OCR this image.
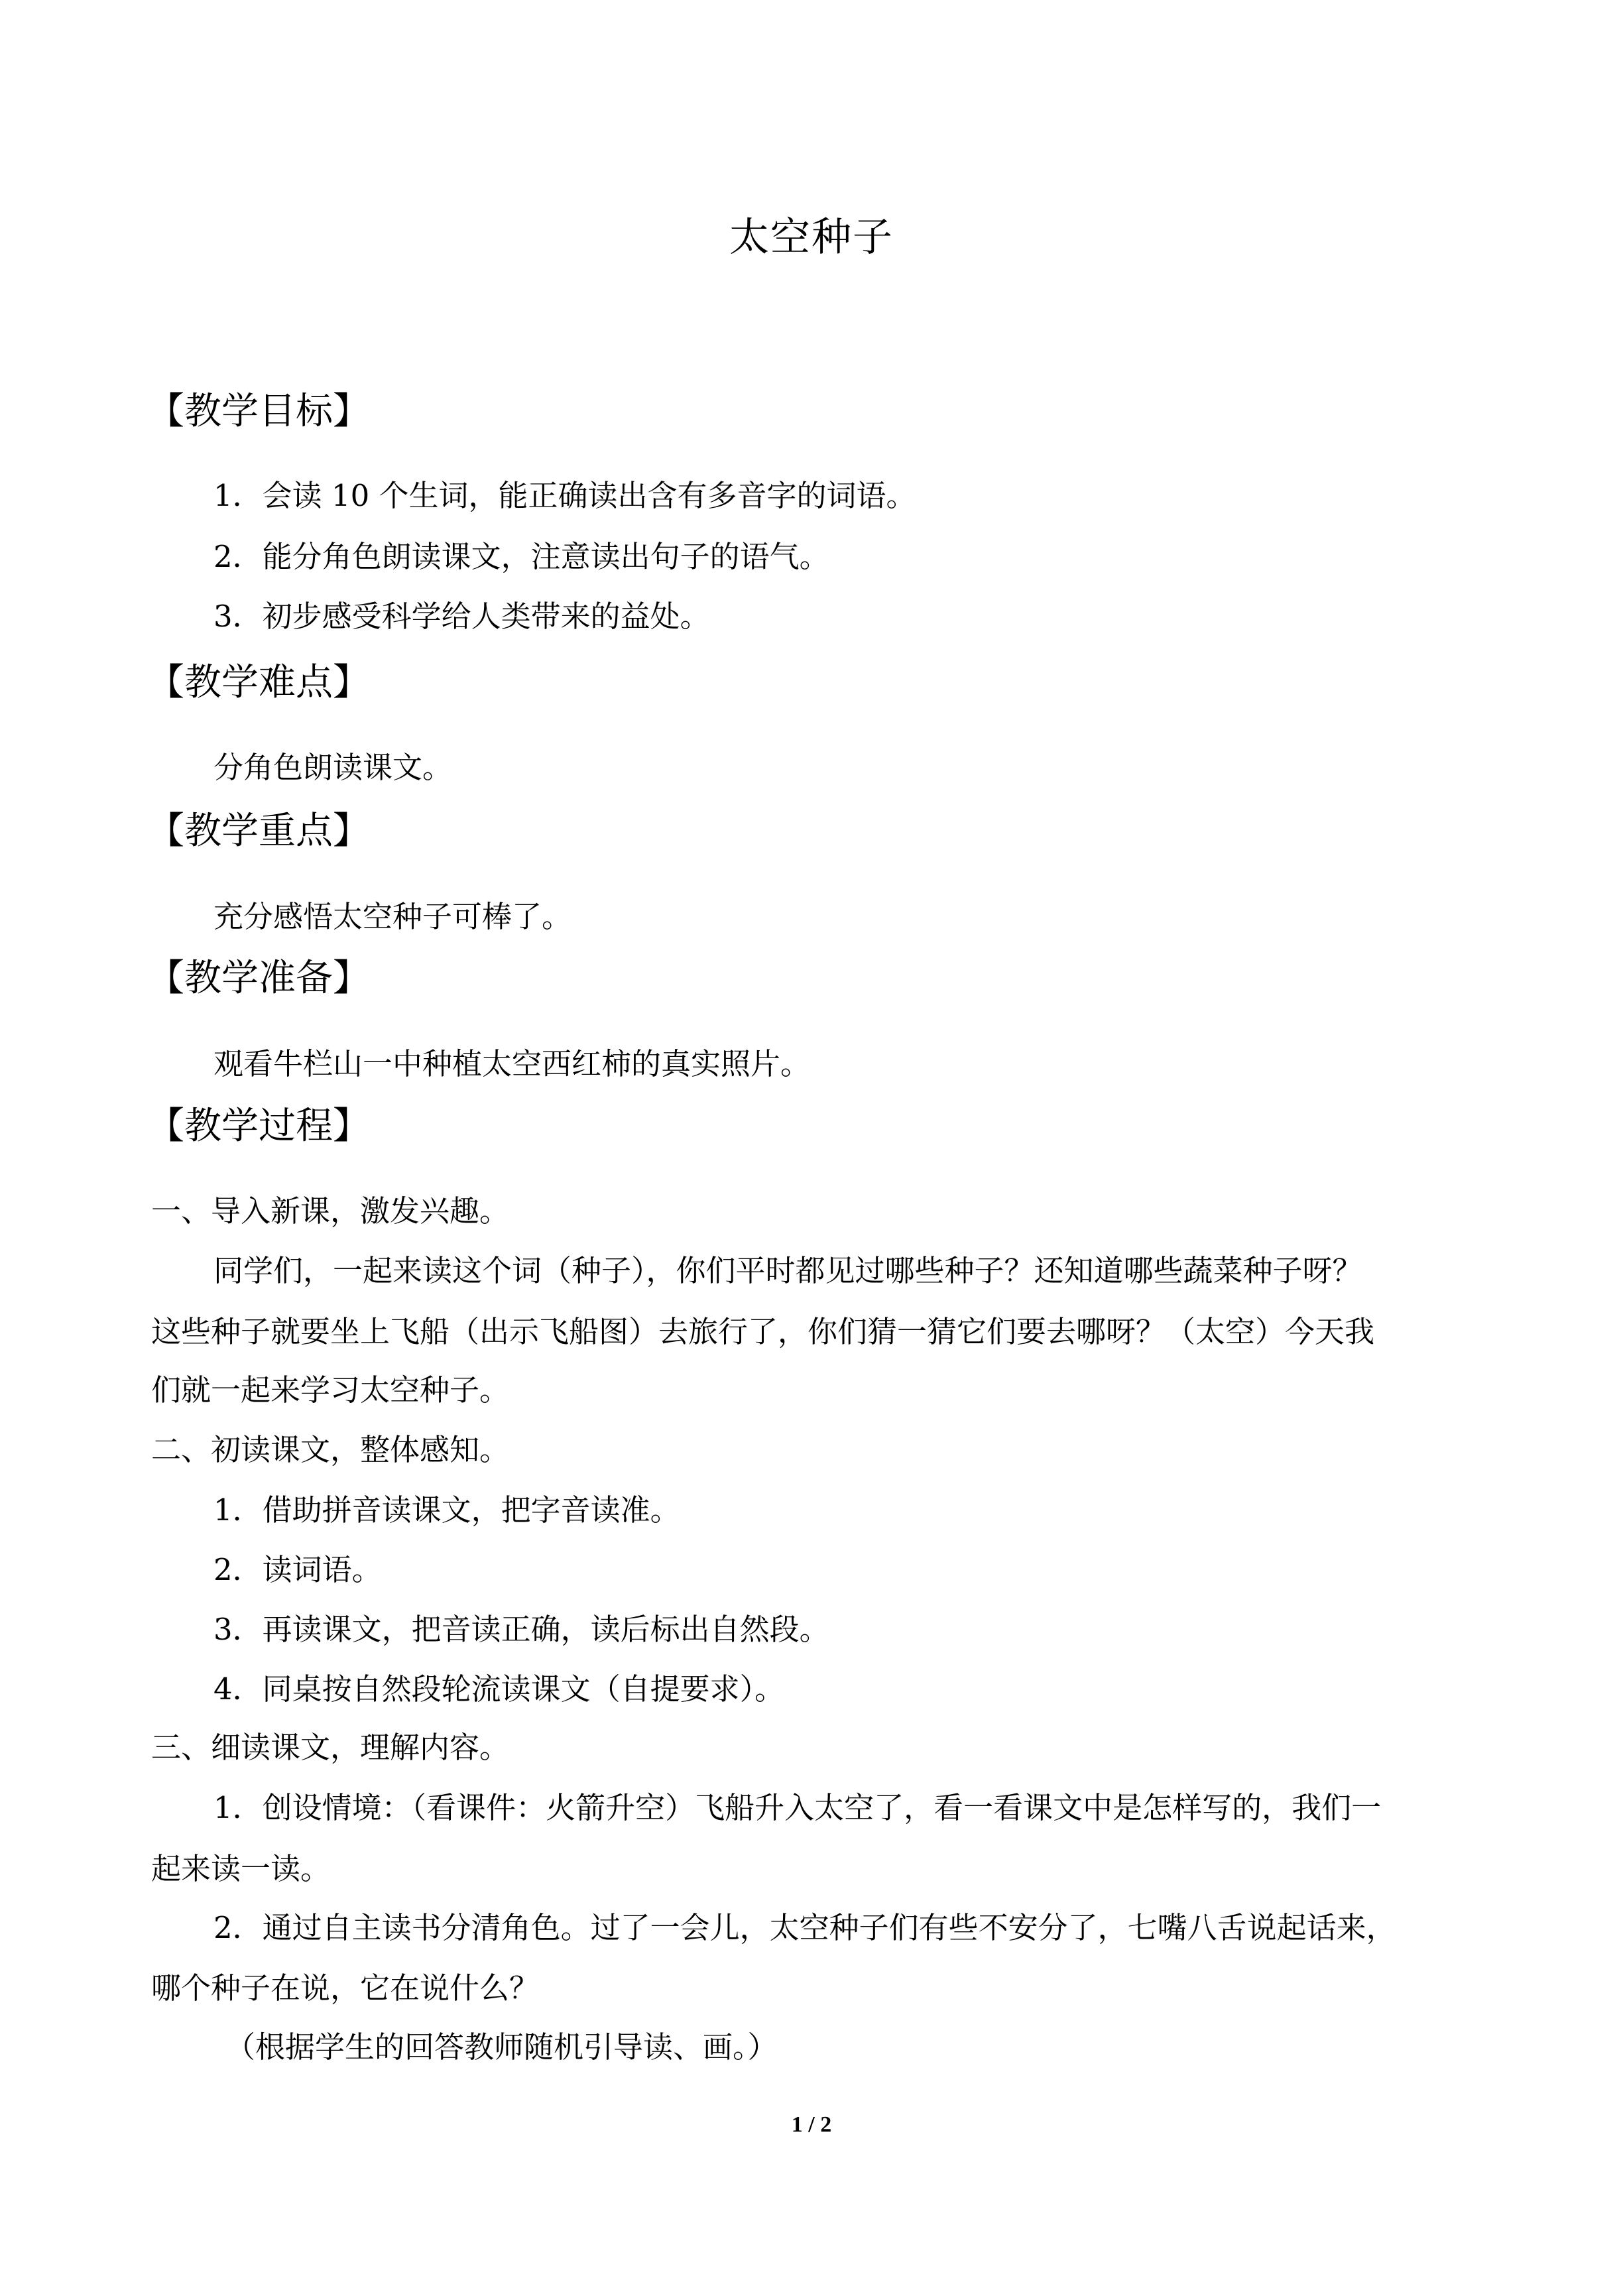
太空种子
【教学目标】
1．会读 10 个生词，能正确读出含有多音字的词语。
2．能分角色朗读课文，注意读出句子的语气。
3．初步感受科学给人类带来的益处。
【教学难点】
分角色朗读课文。
【教学重点】
充分感悟太空种子可棒了。
【教学准备】
观看牛栏山一中种植太空西红柿的真实照片。
【教学过程】
一、导入新课，激发兴趣。
同学们，一起来读这个词（种子），你们平时都见过哪些种子？还知道哪些蔬菜种子呀？
这些种子就要坐上飞船（出示飞船图）去旅行了，你们猜一猜它们要去哪呀？（太空）今天我
们就一起来学习太空种子。
二、初读课文，整体感知。
1．借助拼音读课文，把字音读准。
2．读词语。
3．再读课文，把音读正确，读后标出自然段。
4．同桌按自然段轮流读课文（自提要求）。
三、细读课文，理解内容。
1．创设情境：（看课件：火箭升空）飞船升入太空了，看一看课文中是怎样写的，我们一
起来读一读。
2．通过自主读书分清角色。过了一会儿，太空种子们有些不安分了，七嘴八舌说起话来，
哪个种子在说，它在说什么？
（根据学生的回答教师随机引导读、画。）
1 / 2
